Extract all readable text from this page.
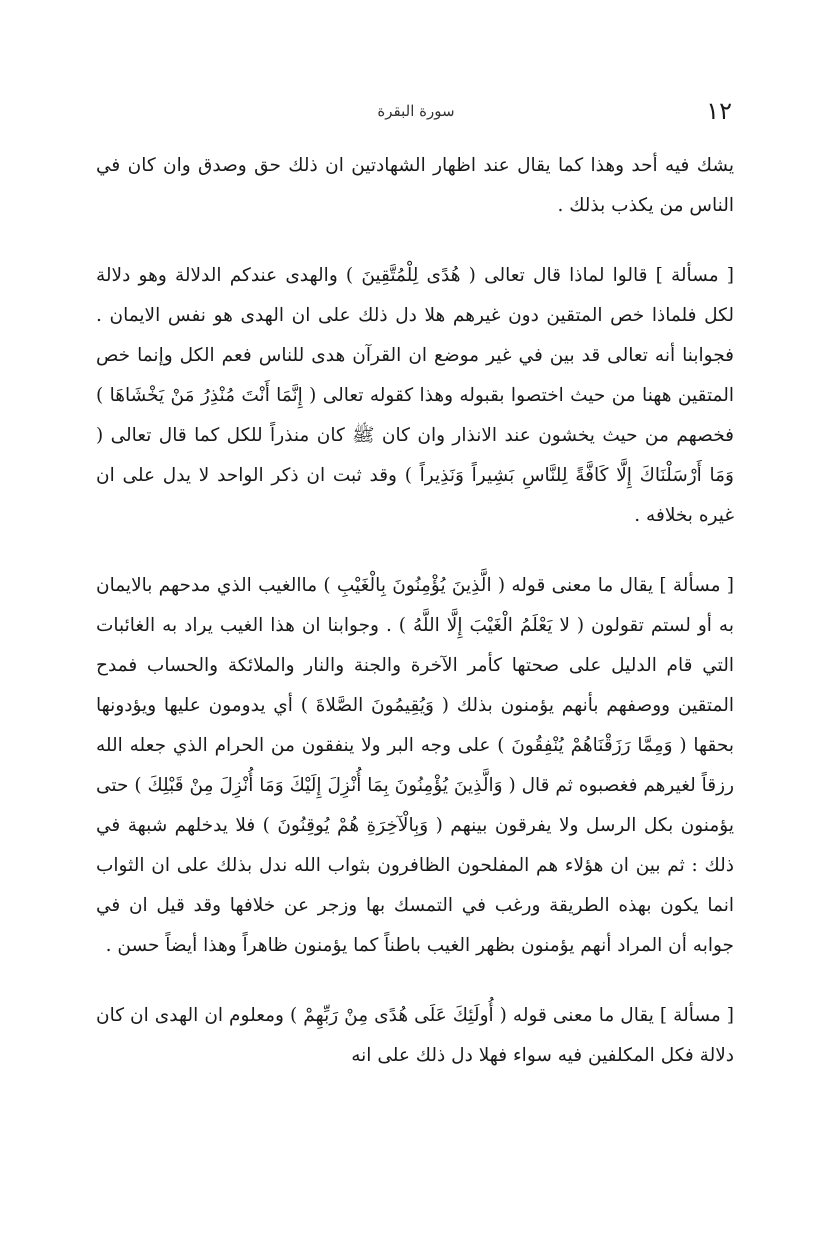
١٢
سورة البقرة

يشك فيه أحد وهذا كما يقال عند اظهار الشهادتين ان ذلك حق وصدق وان كان في الناس من يكذب بذلك .

[ مسألة ] قالوا لماذا قال تعالى ( هُدًى لِلْمُتَّقِينَ ) والهدى عندكم الدلالة وهو دلالة لكل فلماذا خص المتقين دون غيرهم هلا دل ذلك على ان الهدى هو نفس الايمان . فجوابنا أنه تعالى قد بين في غير موضع ان القرآن هدى للناس فعم الكل وإنما خص المتقين ههنا من حيث اختصوا بقبوله وهذا كقوله تعالى ( إِنَّمَا أَنْتَ مُنْذِرُ مَنْ يَخْشَاهَا ) فخصهم من حيث يخشون عند الانذار وان كان ﷺ كان منذراً للكل كما قال تعالى ( وَمَا أَرْسَلْنَاكَ إِلَّا كَافَّةً لِلنَّاسِ بَشِيراً وَنَذِيراً ) وقد ثبت ان ذكر الواحد لا يدل على ان غيره بخلافه .

[ مسألة ] يقال ما معنى قوله ( الَّذِينَ يُؤْمِنُونَ بِالْغَيْبِ ) ماالغيب الذي مدحهم بالايمان به أو لستم تقولون ( لا يَعْلَمُ الْغَيْبَ إِلَّا اللَّهُ ) . وجوابنا ان هذا الغيب يراد به الغائبات التي قام الدليل على صحتها كأمر الآخرة والجنة والنار والملائكة والحساب فمدح المتقين ووصفهم بأنهم يؤمنون بذلك ( وَيُقِيمُونَ الصَّلاةَ ) أي يدومون عليها ويؤدونها بحقها ( وَمِمَّا رَزَقْنَاهُمْ يُنْفِقُونَ ) على وجه البر ولا ينفقون من الحرام الذي جعله الله رزقاً لغيرهم فغصبوه ثم قال ( وَالَّذِينَ يُؤْمِنُونَ بِمَا أُنْزِلَ إِلَيْكَ وَمَا أُنْزِلَ مِنْ قَبْلِكَ ) حتى يؤمنون بكل الرسل ولا يفرقون بينهم ( وَبِالْآخِرَةِ هُمْ يُوقِنُونَ ) فلا يدخلهم شبهة في ذلك : ثم بين ان هؤلاء هم المفلحون الظافرون بثواب الله ندل بذلك على ان الثواب انما يكون بهذه الطريقة ورغب في التمسك بها وزجر عن خلافها وقد قيل ان في جوابه أن المراد أنهم يؤمنون بظهر الغيب باطناً كما يؤمنون ظاهراً وهذا أيضاً حسن .

[ مسألة ] يقال ما معنى قوله ( أُولَئِكَ عَلَى هُدًى مِنْ رَبِّهِمْ ) ومعلوم ان الهدى ان كان دلالة فكل المكلفين فيه سواء فهلا دل ذلك على انه
